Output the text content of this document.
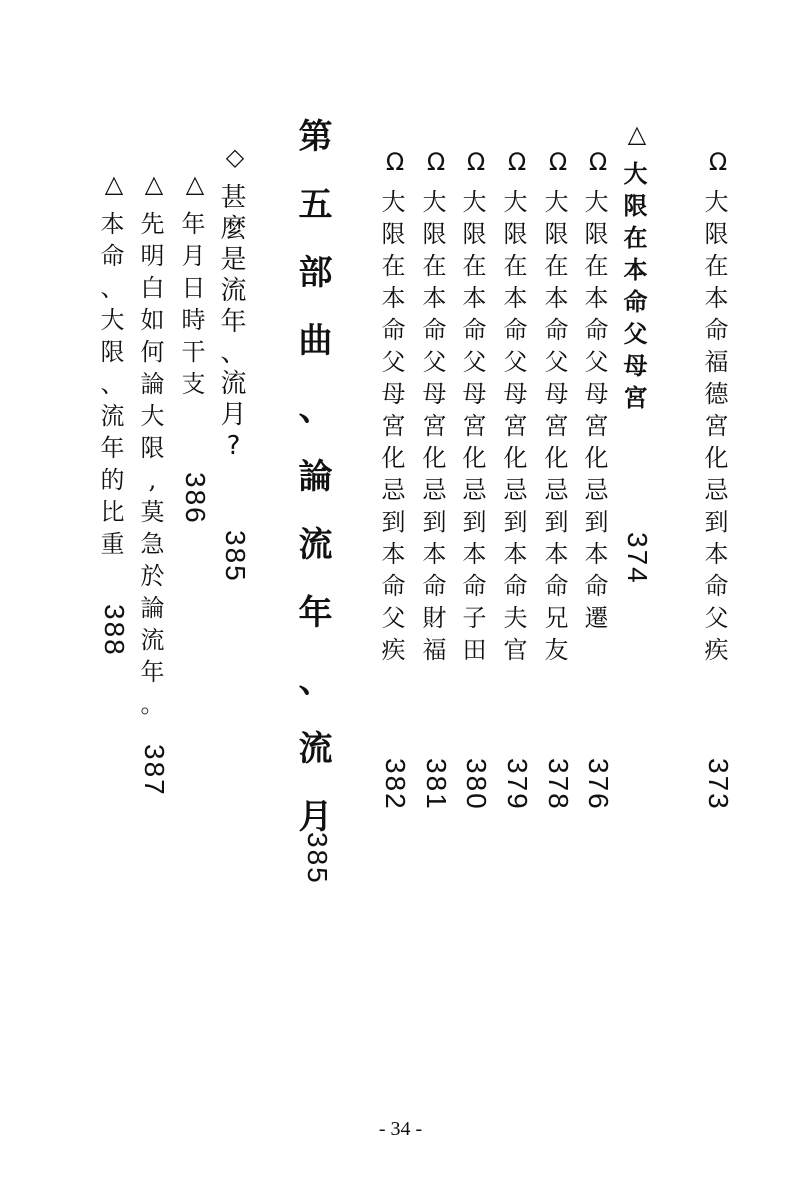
Ω
大
限
在
本
命
福
德
宮
化
忌
到
本
命
父
疾
373
△
大
限
在
本
命
父
母
宮
374
Ω
大
限
在
本
命
父
母
宮
化
忌
到
本
命
遷
376
Ω
大
限
在
本
命
父
母
宮
化
忌
到
本
命
兄
友
378
Ω
大
限
在
本
命
父
母
宮
化
忌
到
本
命
夫
官
379
Ω
大
限
在
本
命
父
母
宮
化
忌
到
本
命
子
田
380
Ω
大
限
在
本
命
父
母
宮
化
忌
到
本
命
財
福
381
Ω
大
限
在
本
命
父
母
宮
化
忌
到
本
命
父
疾
382
第
五
部
曲
、
論
流
年
、
流
月
385
◇
甚
麼
是
流
年
、
流
月
?
385
△
年
月
日
時
干
支
386
△
先
明
白
如
何
論
大
限
,
莫
急
於
論
流
年
。
387
△
本
命
、
大
限
、
流
年
的
比
重
388
- 34 -
